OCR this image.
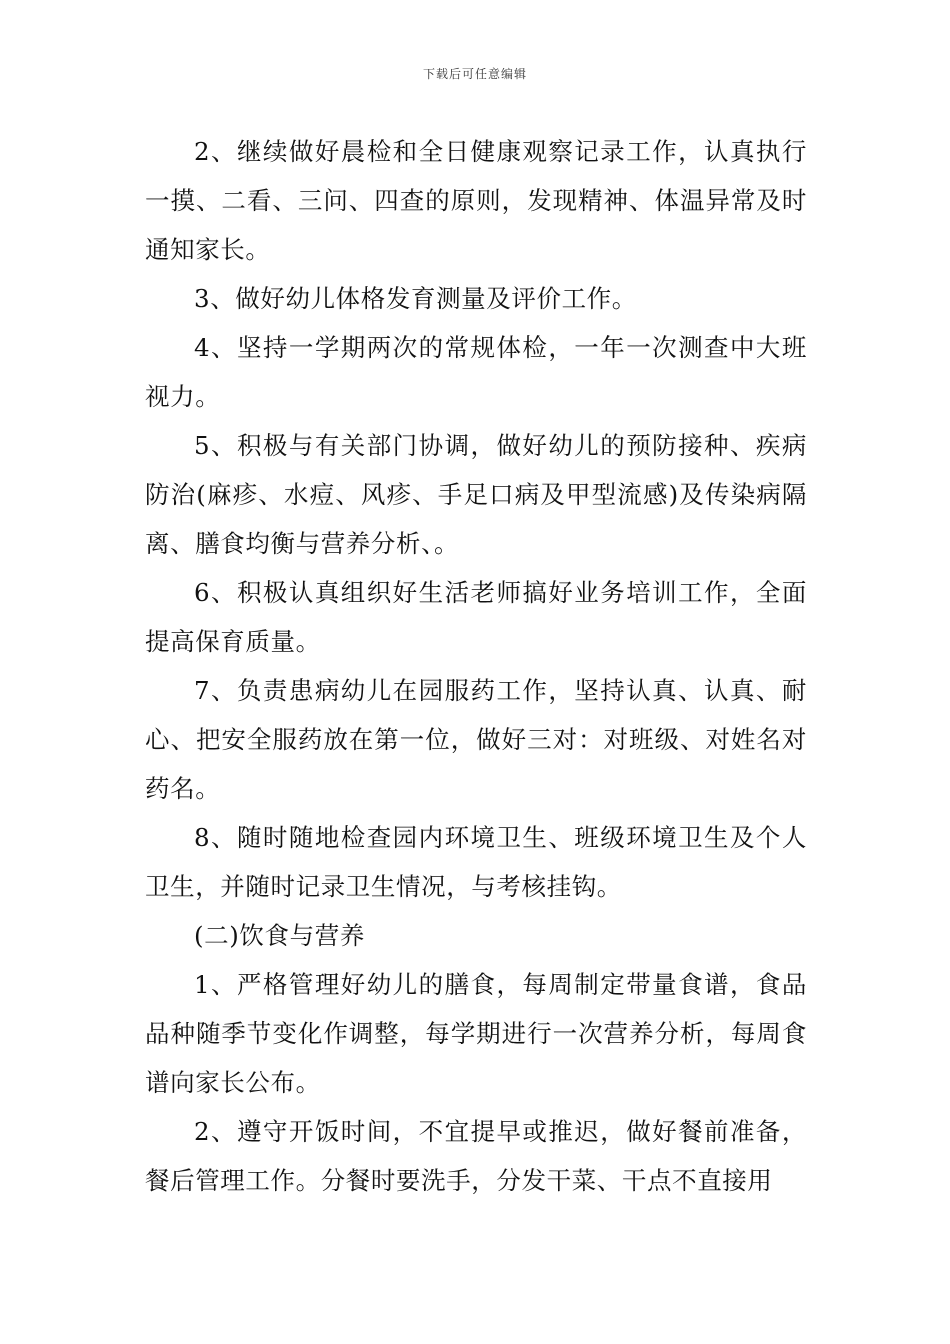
下载后可任意编辑

2、继续做好晨检和全日健康观察记录工作，认真执行一摸、二看、三问、四查的原则，发现精神、体温异常及时通知家长。

3、做好幼儿体格发育测量及评价工作。

4、坚持一学期两次的常规体检，一年一次测查中大班视力。

5、积极与有关部门协调，做好幼儿的预防接种、疾病防治(麻疹、水痘、风疹、手足口病及甲型流感)及传染病隔离、膳食均衡与营养分析、。

6、积极认真组织好生活老师搞好业务培训工作，全面提高保育质量。

7、负责患病幼儿在园服药工作，坚持认真、认真、耐心、把安全服药放在第一位，做好三对：对班级、对姓名对药名。

8、随时随地检查园内环境卫生、班级环境卫生及个人卫生，并随时记录卫生情况，与考核挂钩。

(二)饮食与营养

1、严格管理好幼儿的膳食，每周制定带量食谱，食品品种随季节变化作调整，每学期进行一次营养分析，每周食谱向家长公布。

2、遵守开饭时间，不宜提早或推迟，做好餐前准备，餐后管理工作。分餐时要洗手，分发干菜、干点不直接用
